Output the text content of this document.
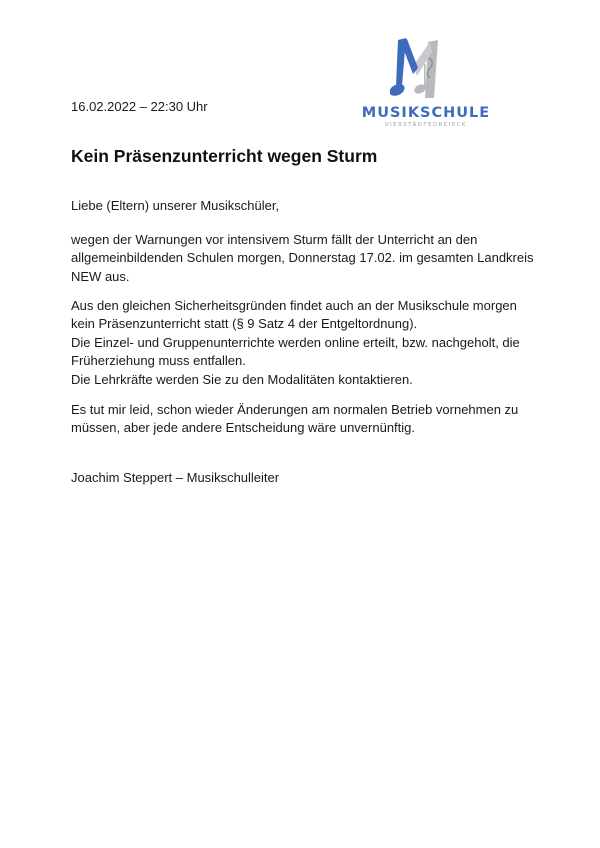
MUSIKSCHULE
VIERSTÄDTEDREIECK
16.02.2022 – 22:30 Uhr
Kein Präsenzunterricht wegen Sturm

Liebe (Eltern) unserer Musikschüler,

wegen der Warnungen vor intensivem Sturm fällt der Unterricht an den
allgemeinbildenden Schulen morgen, Donnerstag 17.02. im gesamten Landkreis
NEW aus.

Aus den gleichen Sicherheitsgründen findet auch an der Musikschule morgen
kein Präsenzunterricht statt (§ 9 Satz 4 der Entgeltordnung).
Die Einzel- und Gruppenunterrichte werden online erteilt, bzw. nachgeholt, die
Früherziehung muss entfallen.
Die Lehrkräfte werden Sie zu den Modalitäten kontaktieren.

Es tut mir leid, schon wieder Änderungen am normalen Betrieb vornehmen zu
müssen, aber jede andere Entscheidung wäre unvernünftig.

Joachim Steppert – Musikschulleiter
